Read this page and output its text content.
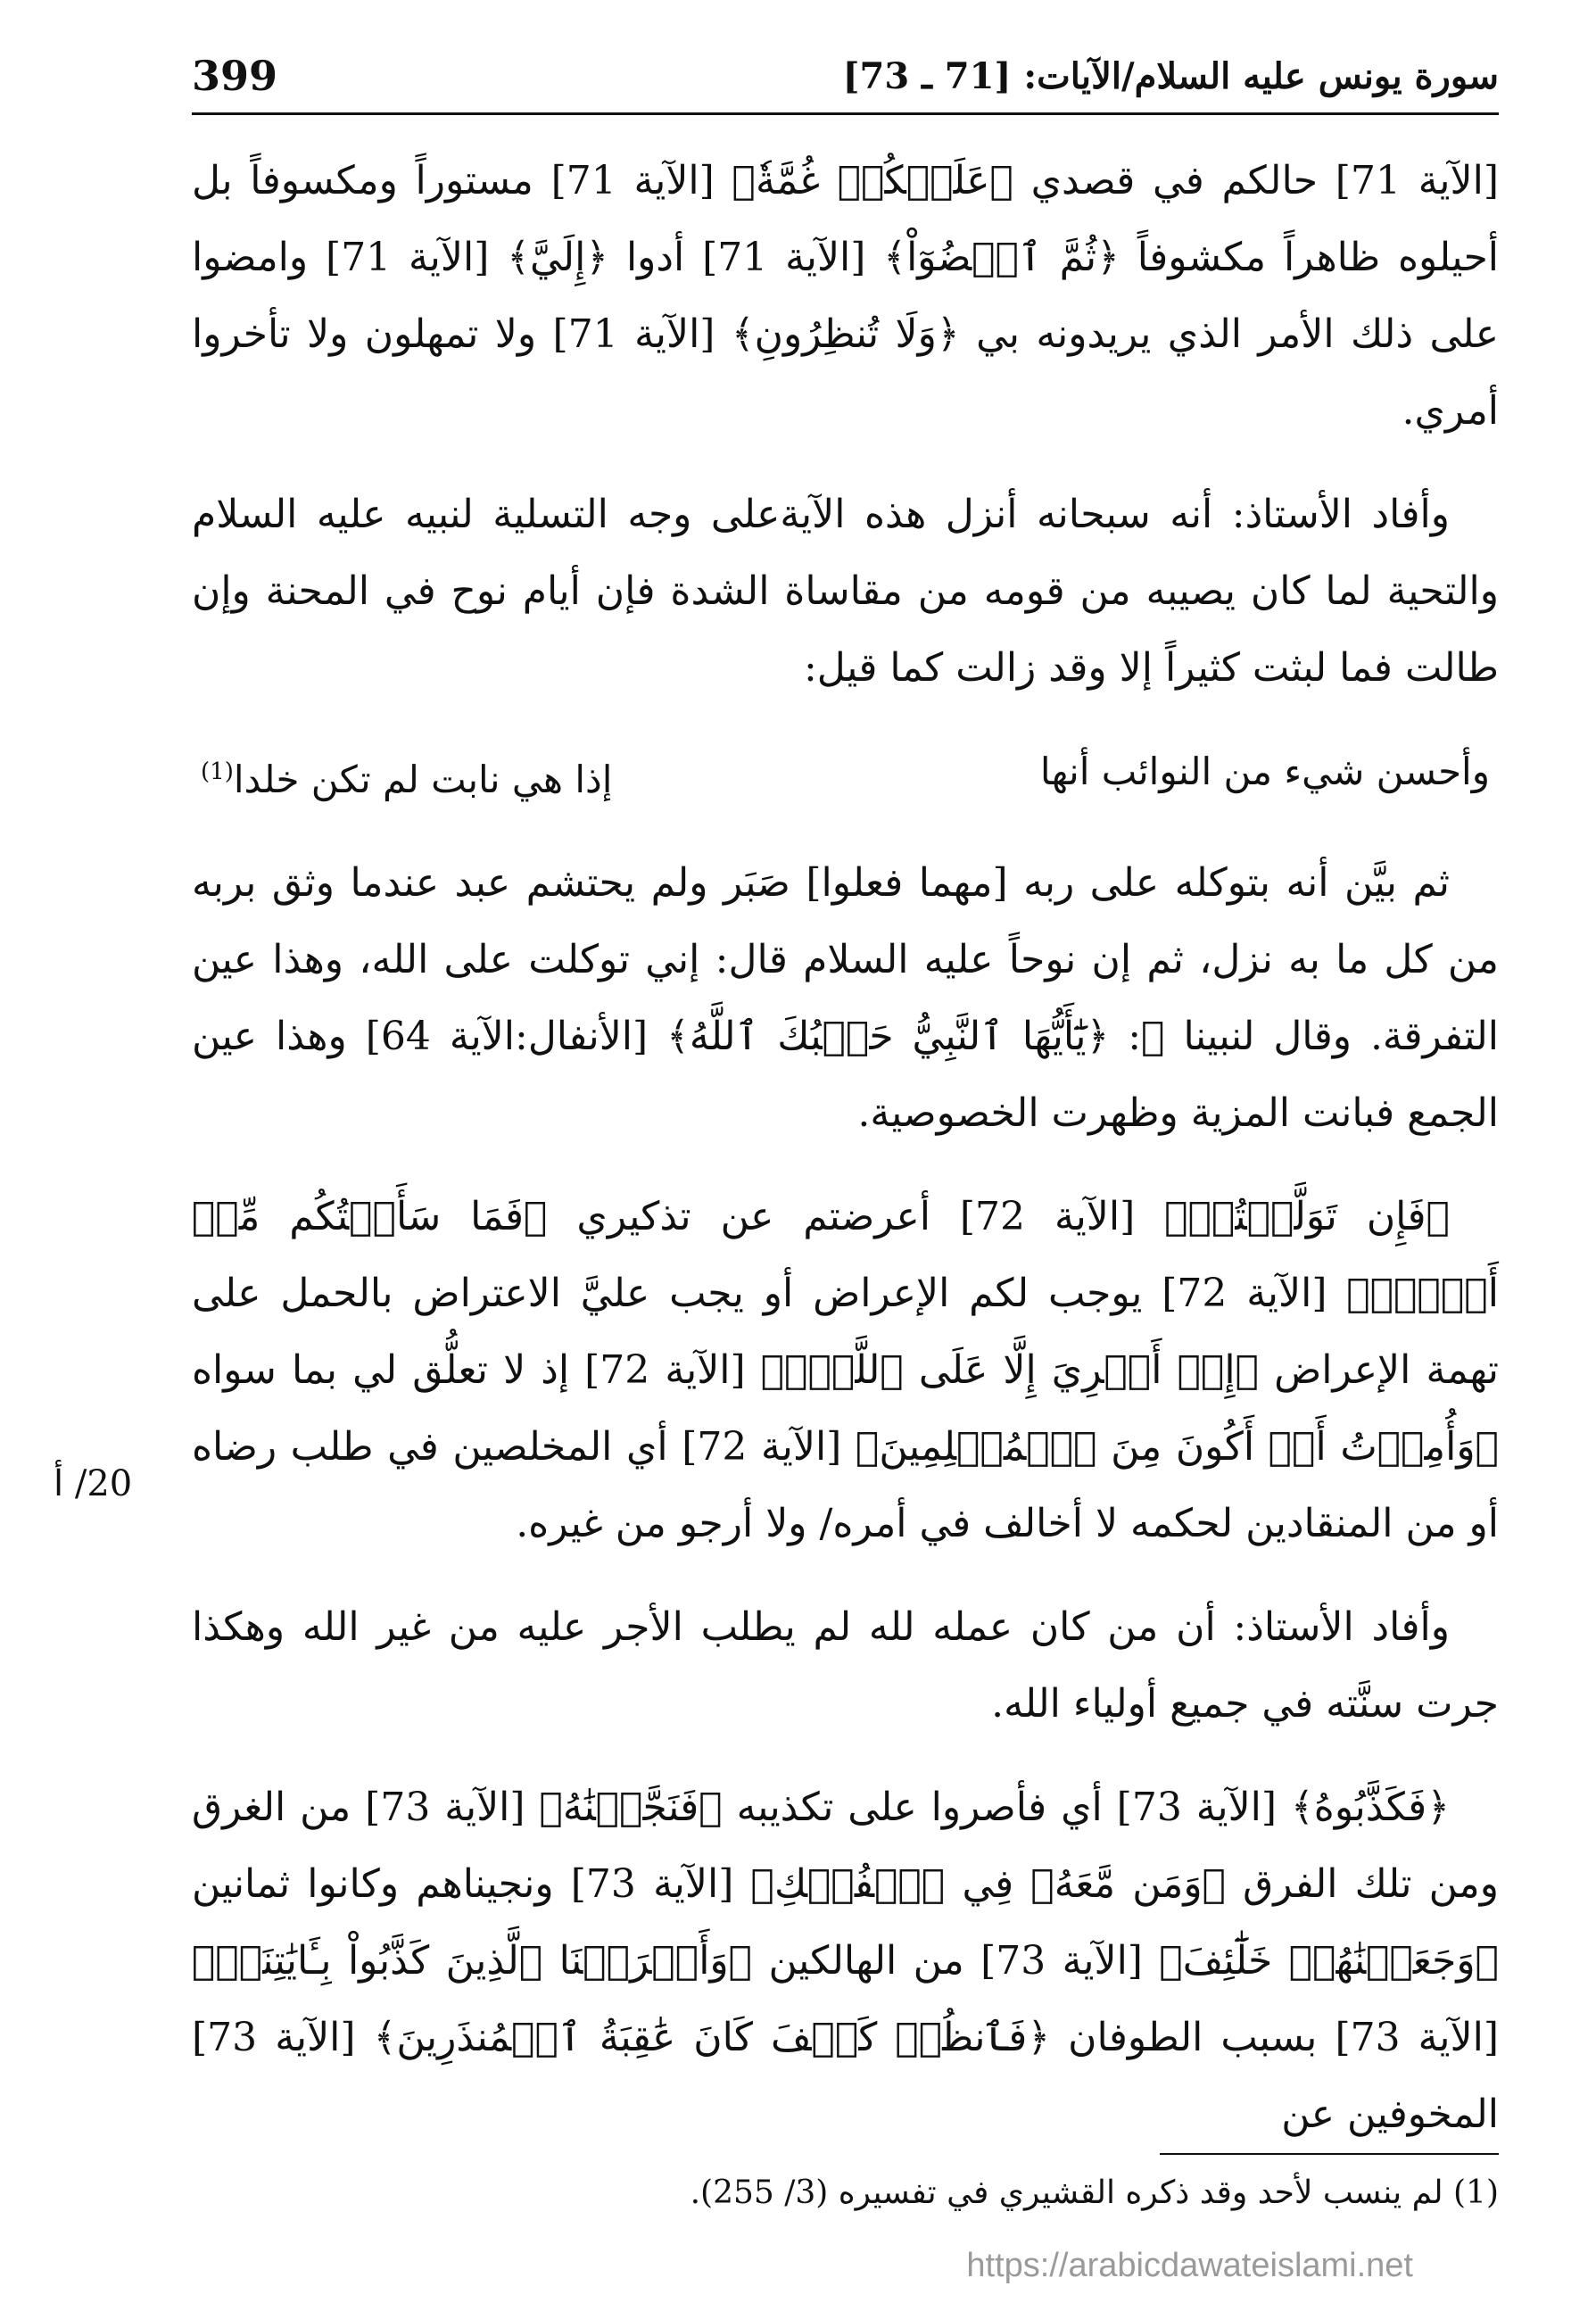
سورة يونس عليه السلام/الآيات: [71 ـ 73]
399

[الآية 71] حالكم في قصدي ﴿عَلَيۡكُمۡ غُمَّةٗ﴾ [الآية 71] مستوراً ومكسوفاً بل أحيلوه ظاهراً مكشوفاً ﴿ثُمَّ ٱقۡضُوٓاْ﴾ [الآية 71] أدوا ﴿إِلَيَّ﴾ [الآية 71] وامضوا على ذلك الأمر الذي يريدونه بي ﴿وَلَا تُنظِرُونِ﴾ [الآية 71] ولا تمهلون ولا تأخروا أمري.

وأفاد الأستاذ: أنه سبحانه أنزل هذه الآيةعلى وجه التسلية لنبيه عليه السلام والتحية لما كان يصيبه من قومه من مقاساة الشدة فإن أيام نوح في المحنة وإن طالت فما لبثت كثيراً إلا وقد زالت كما قيل:

وأحسن شيء من النوائب أنها
إذا هي نابت لم تكن خلدا$^{(1)}$

ثم بيَّن أنه بتوكله على ربه [مهما فعلوا] صَبَر ولم يحتشم عبد عندما وثق بربه من كل ما به نزل، ثم إن نوحاً عليه السلام قال: إني توكلت على الله، وهذا عين التفرقة. وقال لنبينا ﷺ: ﴿يَٰٓأَيُّهَا ٱلنَّبِيُّ حَسۡبُكَ ٱللَّهُ﴾ [الأنفال:الآية 64] وهذا عين الجمع فبانت المزية وظهرت الخصوصية.

﴿فَإِن تَوَلَّيۡتُمۡ﴾ [الآية 72] أعرضتم عن تذكيري ﴿فَمَا سَأَلۡتُكُم مِّنۡ أَجۡرٍۖ﴾ [الآية 72] يوجب لكم الإعراض أو يجب عليَّ الاعتراض بالحمل على تهمة الإعراض ﴿إِنۡ أَجۡرِيَ إِلَّا عَلَى ٱللَّهِۖ﴾ [الآية 72] إذ لا تعلُّق لي بما سواه ﴿وَأُمِرۡتُ أَنۡ أَكُونَ مِنَ ٱلۡمُسۡلِمِينَ﴾ [الآية 72] أي المخلصين في طلب رضاه أو من المنقادين لحكمه لا أخالف في أمره/ ولا أرجو من غيره.

وأفاد الأستاذ: أن من كان عمله لله لم يطلب الأجر عليه من غير الله وهكذا جرت سنَّته في جميع أولياء الله.

﴿فَكَذَّبُوهُ﴾ [الآية 73] أي فأصروا على تكذيبه ﴿فَنَجَّيۡنَٰهُ﴾ [الآية 73] من الغرق ومن تلك الفرق ﴿وَمَن مَّعَهُۥ فِي ٱلۡفُلۡكِ﴾ [الآية 73] ونجيناهم وكانوا ثمانين ﴿وَجَعَلۡنَٰهُمۡ خَلَٰٓئِفَ﴾ [الآية 73] من الهالكين ﴿وَأَغۡرَقۡنَا ٱلَّذِينَ كَذَّبُواْ بِـَٔايَٰتِنَاۖ﴾ [الآية 73] بسبب الطوفان ﴿فَٱنظُرۡ كَيۡفَ كَانَ عَٰقِبَةُ ٱلۡمُنذَرِينَ﴾ [الآية 73] المخوفين عن

20/ أ
(1) لم ينسب لأحد وقد ذكره القشيري في تفسيره (3/ 255).
https://arabicdawateislami.net
